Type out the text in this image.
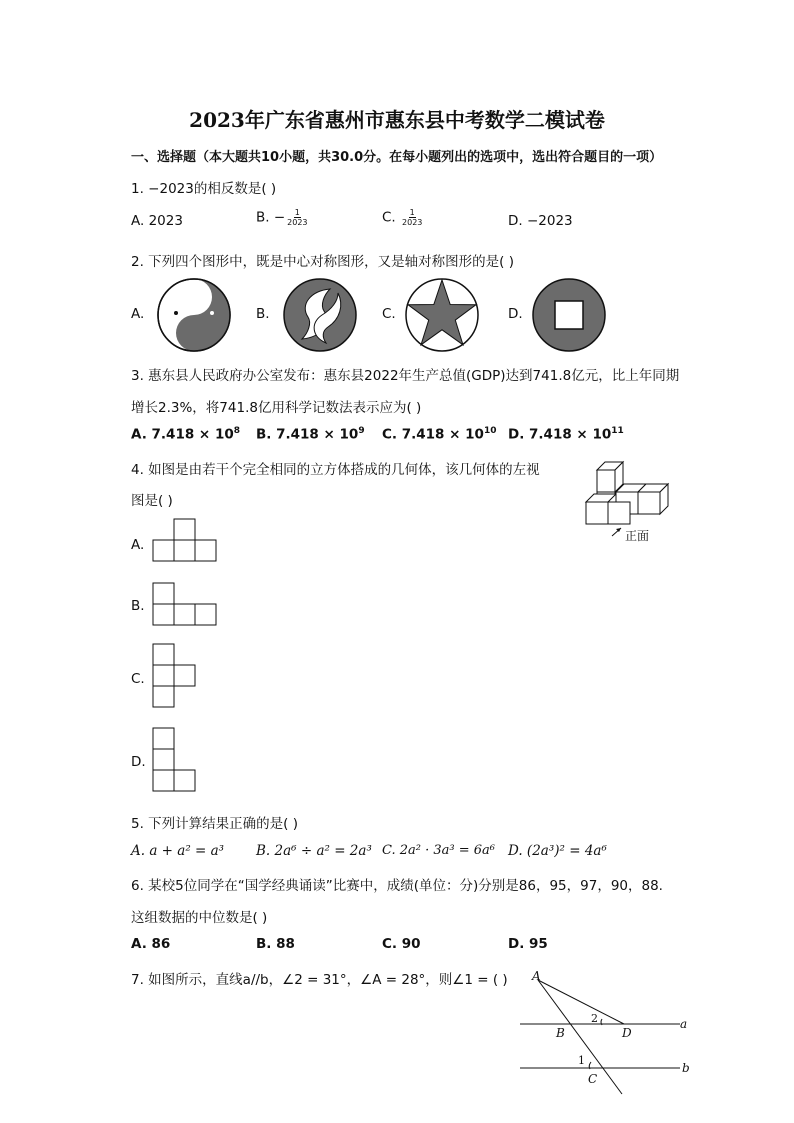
2023年广东省惠州市惠东县中考数学二模试卷
一、选择题（本大题共10小题，共30.0分。在每小题列出的选项中，选出符合题目的一项）
1. −2023的相反数是( )
A. 2023	B. − $\frac{1}{2023}$	C. $\frac{1}{2023}$	D. −2023
2. 下列四个图形中，既是中心对称图形，又是轴对称图形的是( )
A.	B.	C.	D.
3. 惠东县人民政府办公室发布：惠东县2022年生产总值(GDP)达到741.8亿元，比上年同期
增长2.3%，将741.8亿用科学记数法表示应为( )
A. $7.418 \times 10^8$ B. $7.418 \times 10^9$ C. $7.418 \times 10^{10}$ D. $7.418 \times 10^{11}$
4. 如图是由若干个完全相同的立方体搭成的几何体，该几何体的左视
图是( )
正面
A.
B.
C.
D.
5. 下列计算结果正确的是( )
A. a + a² = a³ B. 2a⁶ ÷ a² = 2a³ C. 2a² · 3a³ = 6a⁶ D. (2a³)² = 4a⁶
6. 某校5位同学在“国学经典诵读”比赛中，成绩(单位：分)分别是86，95，97，90，88.
这组数据的中位数是( )
A. 86	B. 88	C. 90	D. 95
7. 如图所示，直线a//b，∠2 = 31°，∠A = 28°，则∠1 = ( ) A
B	D
C
a
b
2
1
